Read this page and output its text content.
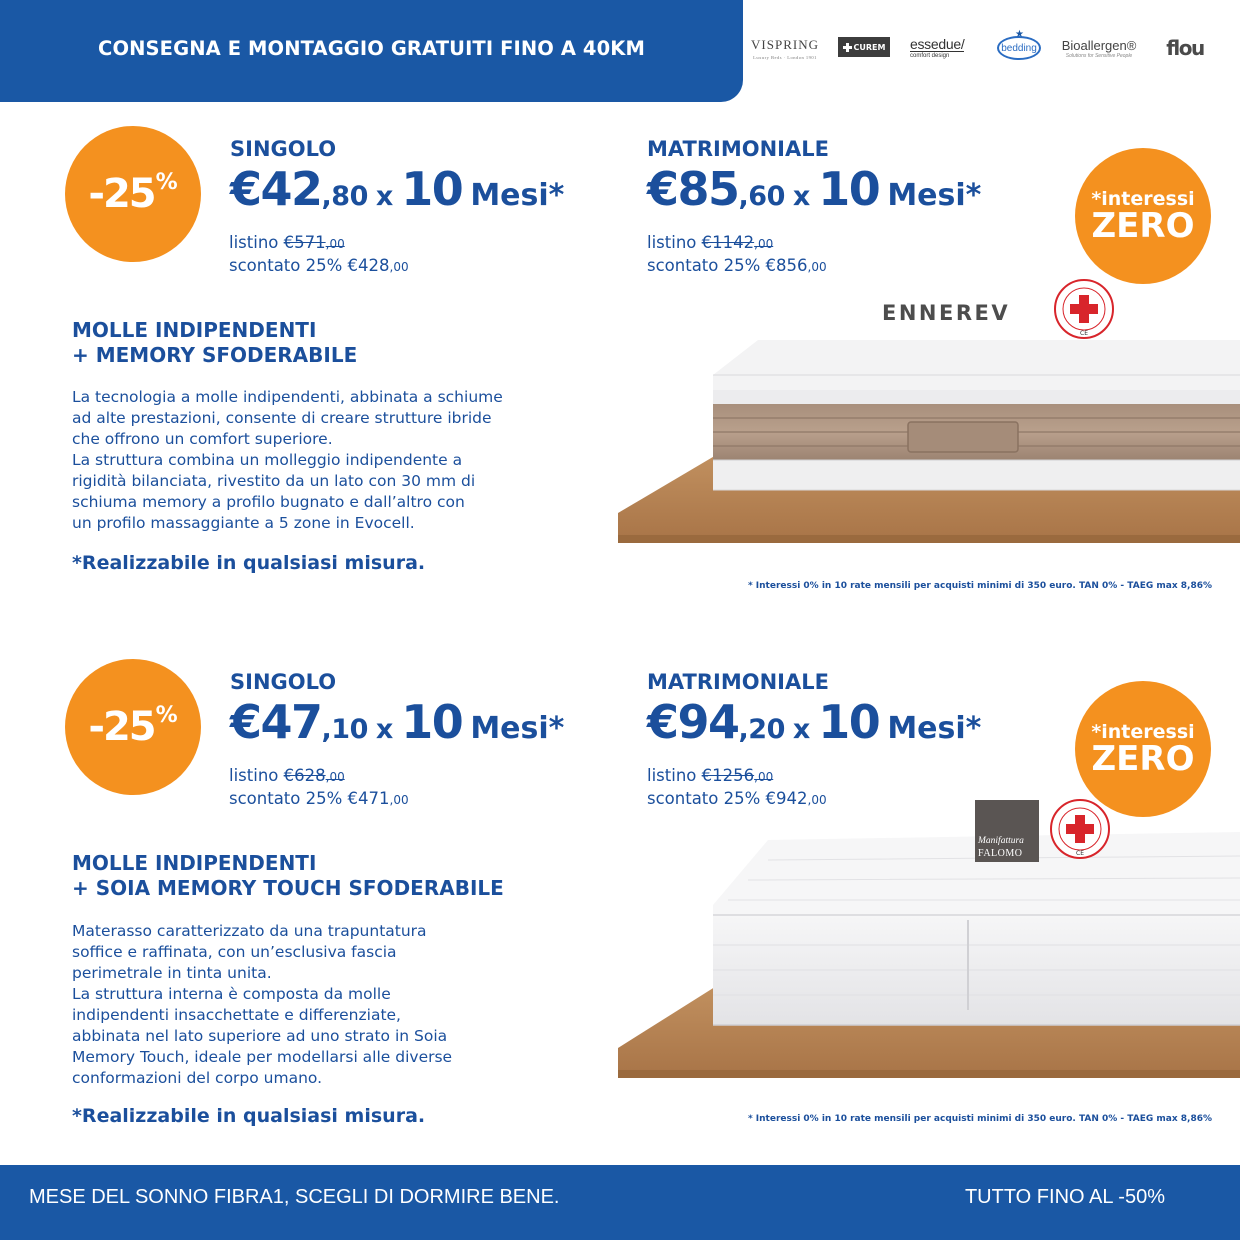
CONSEGNA E MONTAGGIO GRATUITI FINO A 40KM	VISPRING
Luxury Beds · London 1901
CUREM essedue/
comfort design
★
bedding Bioallergen®
Solutions for Sensitive People	flou
-25 %
SINGOLO
€42 ,80 x 10 Mesi*
listino €571,00
scontato 25% €428,00
MATRIMONIALE
€85 ,60 x 10 Mesi*
listino €1142,00
scontato 25% €856,00
*interessi
ZERO
MOLLE INDIPENDENTI
+ MEMORY SFODERABILE
La tecnologia a molle indipendenti, abbinata a schiume
ad alte prestazioni, consente di creare strutture ibride
che offrono un comfort superiore.
La struttura combina un molleggio indipendente a
rigidità bilanciata, rivestito da un lato con 30 mm di
schiuma memory a profilo bugnato e dall’altro con
un profilo massaggiante a 5 zone in Evocell.
*Realizzabile in qualsiasi misura.
ENNEREV
CE
* Interessi 0% in 10 rate mensili per acquisti minimi di 350 euro. TAN 0% - TAEG max 8,86%
-25 %
SINGOLO
€47 ,10 x 10 Mesi*
listino €628,00
scontato 25% €471,00
MATRIMONIALE
€94 ,20 x 10 Mesi*
listino €1256,00
scontato 25% €942,00
*interessi
ZERO
MOLLE INDIPENDENTI
+ SOIA MEMORY TOUCH SFODERABILE
Materasso caratterizzato da una trapuntatura
soffice e raffinata, con un’esclusiva fascia
perimetrale in tinta unita.
La struttura interna è composta da molle
indipendenti insacchettate e differenziate,
abbinata nel lato superiore ad uno strato in Soia
Memory Touch, ideale per modellarsi alle diverse
conformazioni del corpo umano.
*Realizzabile in qualsiasi misura.
Manifattura
FALOMO	CE
* Interessi 0% in 10 rate mensili per acquisti minimi di 350 euro. TAN 0% - TAEG max 8,86%
MESE DEL SONNO FIBRA1, SCEGLI DI DORMIRE BENE.	TUTTO FINO AL -50%
